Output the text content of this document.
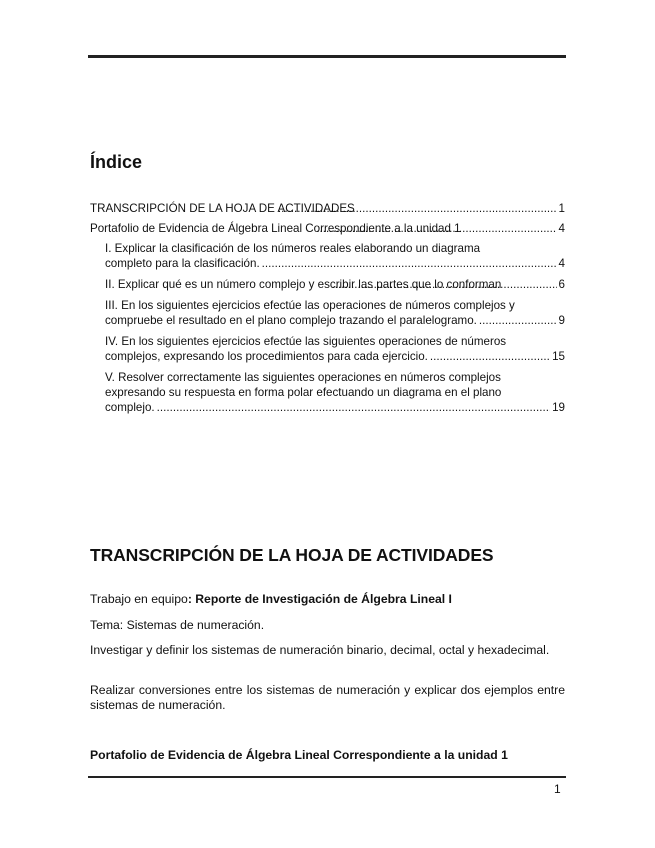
Índice
TRANSCRIPCIÓN DE LA HOJA DE ACTIVIDADES . . .	1
Portafolio de Evidencia de Álgebra Lineal Correspondiente a la unidad 1 . . .	4
I. Explicar la clasificación de los números reales elaborando un diagrama
completo para la clasificación. . . .	4
II. Explicar qué es un número complejo y escribir las partes que lo conforman . . .	6
III. En los siguientes ejercicios efectúe las operaciones de números complejos y
compruebe el resultado en el plano complejo trazando el paralelogramo. . . .	9
IV. En los siguientes ejercicios efectúe las siguientes operaciones de números
complejos, expresando los procedimientos para cada ejercicio. . . .	15
V. Resolver correctamente las siguientes operaciones en números complejos
expresando su respuesta en forma polar efectuando un diagrama en el plano
complejo. . . .	19
TRANSCRIPCIÓN DE LA HOJA DE ACTIVIDADES

Trabajo en equipo: Reporte de Investigación de Álgebra Lineal I

Tema: Sistemas de numeración.

Investigar y definir los sistemas de numeración binario, decimal, octal y hexadecimal.

Realizar conversiones entre los sistemas de numeración y explicar dos ejemplos entre sistemas de numeración.

Portafolio de Evidencia de Álgebra Lineal Correspondiente a la unidad 1

1
